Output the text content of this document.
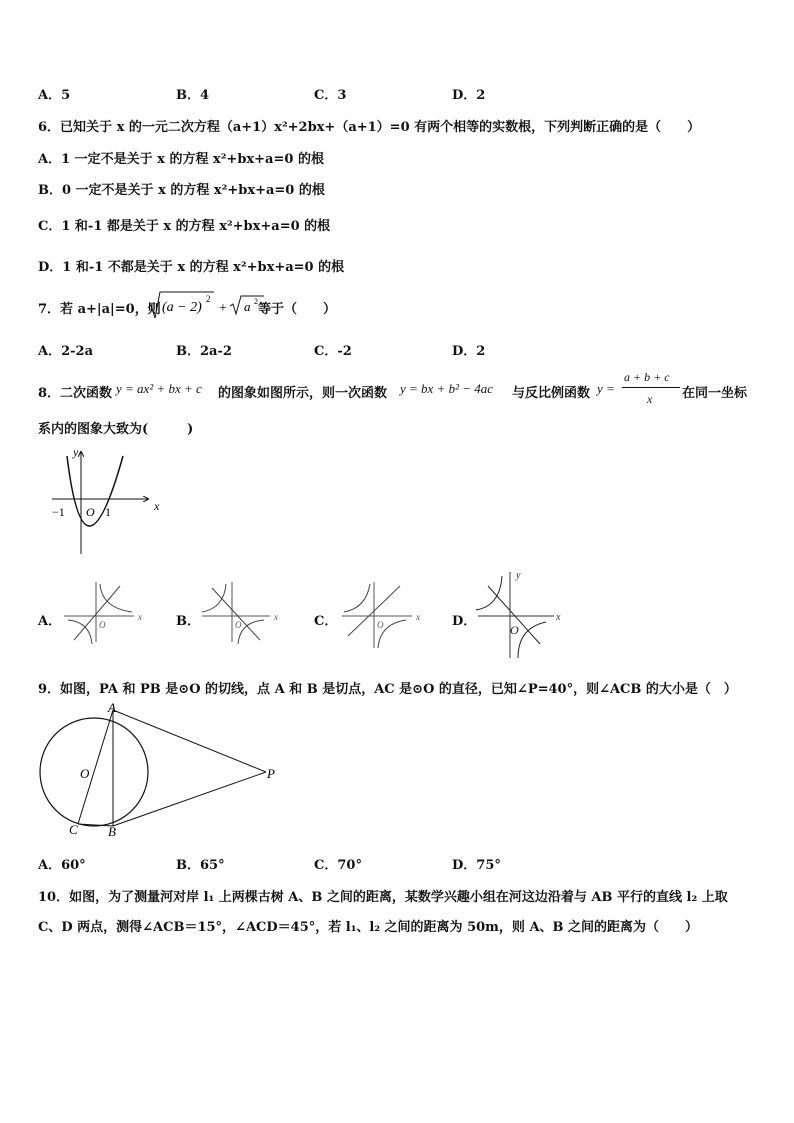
A．5	B．4	C．3	D．2
6．已知关于 x 的一元二次方程（a+1）x²+2bx+（a+1）=0 有两个相等的实数根，下列判断正确的是（　　）
A．1 一定不是关于 x 的方程 x²+bx+a=0 的根
B．0 一定不是关于 x 的方程 x²+bx+a=0 的根
C．1 和-1 都是关于 x 的方程 x²+bx+a=0 的根
D．1 和-1 不都是关于 x 的方程 x²+bx+a=0 的根
7．若 a+|a|=0，则 (a − 2)
2
+ a 2
等于（　　）
A．2-2a	B．2a-2	C．-2	D．2
8．二次函数 y = ax² + bx + c 的图象如图所示，则一次函数 y = bx + b² − 4ac 与反比例函数 y =
a + b + c
x 在同一坐标
系内的图象大致为(　　　)
y
x
−1 O 1
A．	x
O	B．	x
O	C．	x
O	D．
y
x
O
9．如图，PA 和 PB 是⊙O 的切线，点 A 和 B 是切点，AC 是⊙O 的直径，已知∠P=40°，则∠ACB 的大小是（　）
A
O	P
C B
A．60°	B．65°	C．70°	D．75°
10．如图，为了测量河对岸 l₁ 上两棵古树 A、B 之间的距离，某数学兴趣小组在河这边沿着与 AB 平行的直线 l₂ 上取
C、D 两点，测得∠ACB＝15°，∠ACD＝45°，若 l₁、l₂ 之间的距离为 50m，则 A、B 之间的距离为（　　）
